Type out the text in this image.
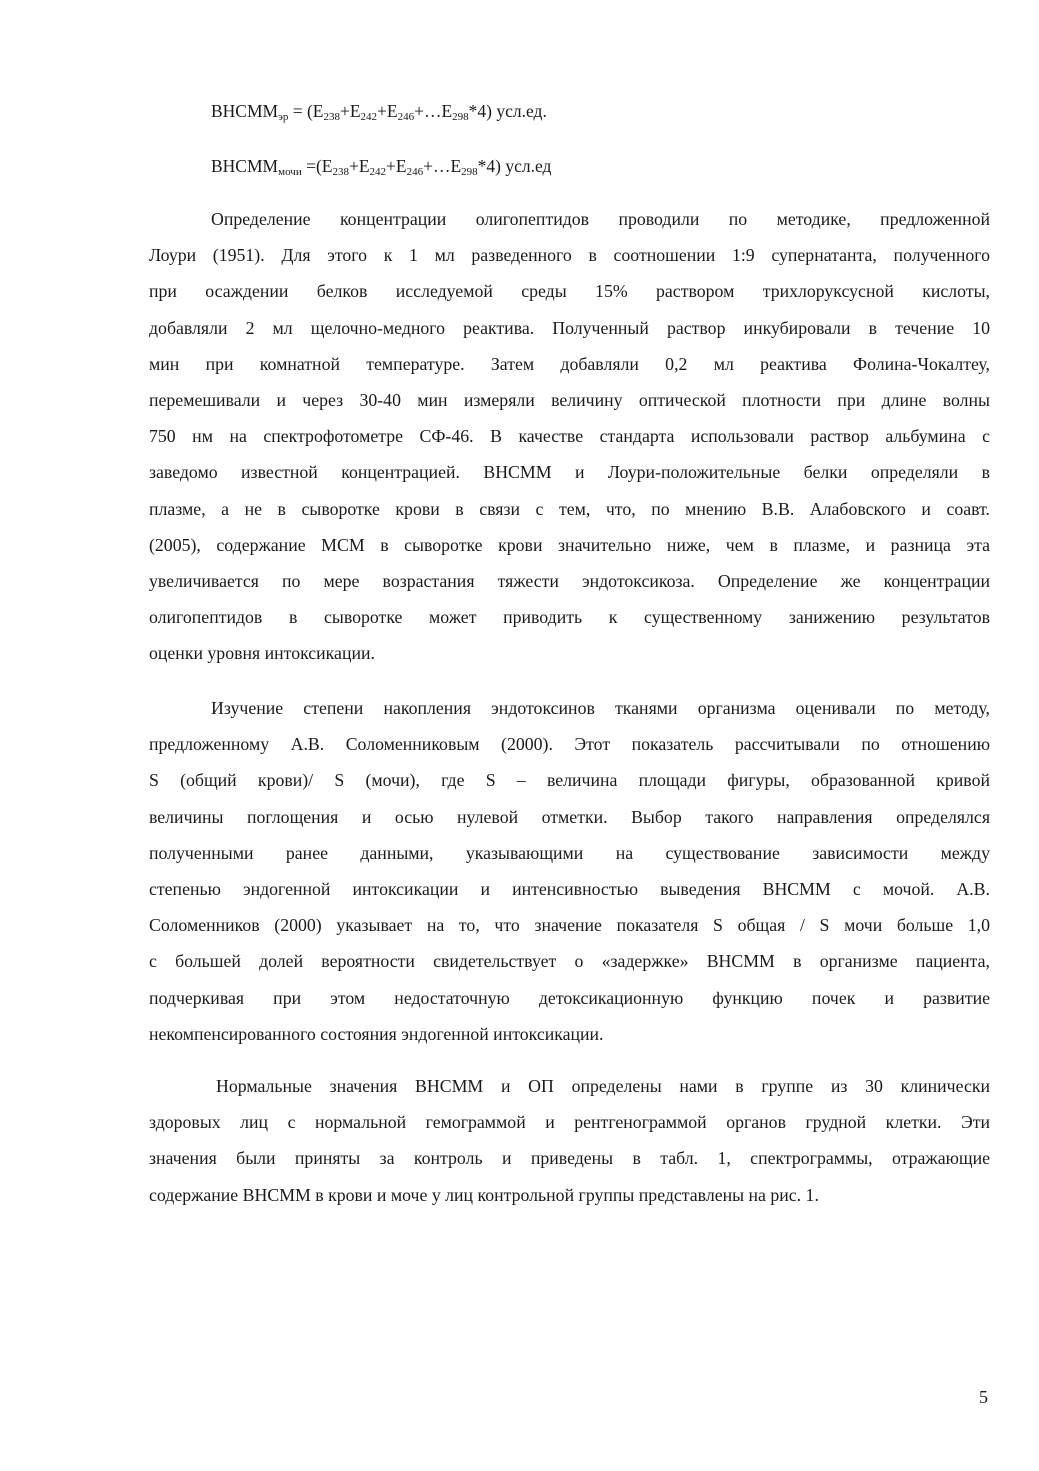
$ВНСММ_{эр}$ = $(E_{238}+E_{242}+E_{246}+\dots E_{298}*4)$ усл.ед.
$ВНСММ_{мочи}$ $=(E_{238}+E_{242}+E_{246}+\dots E_{298}*4)$ усл.ед
Определение концентрации олигопептидов проводили по методике, предложенной
Лоури (1951). Для этого к 1 мл разведенного в соотношении 1:9 супернатанта, полученного
при осаждении белков исследуемой среды 15% раствором трихлоруксусной кислоты,
добавляли 2 мл щелочно-медного реактива. Полученный раствор инкубировали в течение 10
мин при комнатной температуре. Затем добавляли 0,2 мл реактива Фолина-Чокалтеу,
перемешивали и через 30-40 мин измеряли величину оптической плотности при длине волны
750 нм на спектрофотометре СФ-46. В качестве стандарта использовали раствор альбумина с
заведомо известной концентрацией. ВНСММ и Лоури-положительные белки определяли в
плазме, а не в сыворотке крови в связи с тем, что, по мнению В.В. Алабовского и соавт.
(2005), содержание МСМ в сыворотке крови значительно ниже, чем в плазме, и разница эта
увеличивается по мере возрастания тяжести эндотоксикоза. Определение же концентрации
олигопептидов в сыворотке может приводить к существенному занижению результатов
оценки уровня интоксикации.
Изучение степени накопления эндотоксинов тканями организма оценивали по методу,
предложенному А.В. Соломенниковым (2000). Этот показатель рассчитывали по отношению
S (общий крови)/ S (мочи), где S – величина площади фигуры, образованной кривой
величины поглощения и осью нулевой отметки. Выбор такого направления определялся
полученными ранее данными, указывающими на существование зависимости между
степенью эндогенной интоксикации и интенсивностью выведения ВНСММ с мочой. А.В.
Соломенников (2000) указывает на то, что значение показателя S общая / S мочи больше 1,0
с большей долей вероятности свидетельствует о «задержке» ВНСММ в организме пациента,
подчеркивая при этом недостаточную детоксикационную функцию почек и развитие
некомпенсированного состояния эндогенной интоксикации.
Нормальные значения ВНСММ и ОП определены нами в группе из 30 клинически
здоровых лиц с нормальной гемограммой и рентгенограммой органов грудной клетки. Эти
значения были приняты за контроль и приведены в табл. 1, спектрограммы, отражающие
содержание ВНСММ в крови и моче у лиц контрольной группы представлены на рис. 1.
5
